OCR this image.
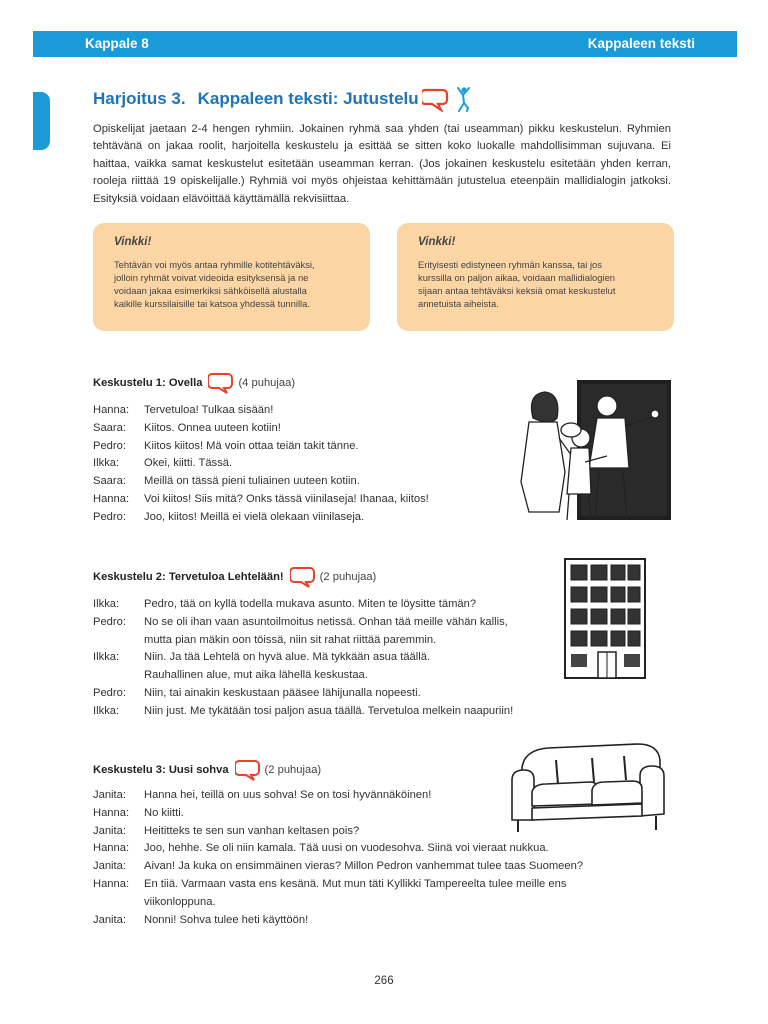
Kappale 8	Kappaleen teksti
Harjoitus 3. Kappaleen teksti: Jutustelu

Opiskelijat jaetaan 2-4 hengen ryhmiin. Jokainen ryhmä saa yhden (tai useamman) pikku keskustelun. Ryhmien tehtävänä on jakaa roolit, harjoitella keskustelu ja esittää se sitten koko luokalle mahdollisimman sujuvana. Ei haittaa, vaikka samat keskustelut esitetään useamman kerran. (Jos jokainen keskustelu esitetään yhden kerran, rooleja riittää 19 opiskelijalle.) Ryhmiä voi myös ohjeistaa kehittämään jutustelua eteenpäin mallidialogin jatkoksi. Esityksiä voidaan elävöittää käyttämällä rekvisiittaa.

Vinkki!
Tehtävän voi myös antaa ryhmille kotitehtäväksi,
jolloin ryhmät voivat videoida esityksensä ja ne
voidaan jakaa esimerkiksi sähköisellä alustalla
kaikille kurssilaisille tai katsoa yhdessä tunnilla.
Vinkki!
Erityisesti edistyneen ryhmän kanssa, tai jos
kurssilla on paljon aikaa, voidaan mallidialogien
sijaan antaa tehtäväksi keksiä omat keskustelut
annetuista aiheista.
Keskustelu 1: Ovella	(4 puhujaa)
Hanna:	Tervetuloa! Tulkaa sisään!
Saara:	Kiitos. Onnea uuteen kotiin!
Pedro:	Kiitos kiitos! Mä voin ottaa teiän takit tänne.
Ilkka:	Okei, kiitti. Tässä.
Saara:	Meillä on tässä pieni tuliainen uuteen kotiin.
Hanna:	Voi kiitos! Siis mitä? Onks tässä viinilaseja! Ihanaa, kiitos!
Pedro:	Joo, kiitos! Meillä ei vielä olekaan viinilaseja.
Keskustelu 2: Tervetuloa Lehtelään!	(2 puhujaa)
Ilkka:	Pedro, tää on kyllä todella mukava asunto. Miten te löysitte tämän?
Pedro:	No se oli ihan vaan asuntoilmoitus netissä. Onhan tää meille vähän kallis,
mutta pian mäkin oon töissä, niin sit rahat riittää paremmin.
Ilkka:	Niin. Ja tää Lehtelä on hyvä alue. Mä tykkään asua täällä.
Rauhallinen alue, mut aika lähellä keskustaa.
Pedro:	Niin, tai ainakin keskustaan pääsee lähijunalla nopeesti.
Ilkka:	Niin just. Me tykätään tosi paljon asua täällä. Tervetuloa melkein naapuriin!
Keskustelu 3: Uusi sohva	(2 puhujaa)
Janita:	Hanna hei, teillä on uus sohva! Se on tosi hyvännäköinen!
Hanna:	No kiitti.
Janita:	Heititteks te sen sun vanhan keltasen pois?
Hanna:	Joo, hehhe. Se oli niin kamala. Tää uusi on vuodesohva. Siinä voi vieraat nukkua.
Janita:	Aivan! Ja kuka on ensimmäinen vieras? Millon Pedron vanhemmat tulee taas Suomeen?
Hanna:	En tiiä. Varmaan vasta ens kesänä. Mut mun täti Kyllikki Tampereelta tulee meille ens
viikonloppuna.
Janita:	Nonni! Sohva tulee heti käyttöön!
266
